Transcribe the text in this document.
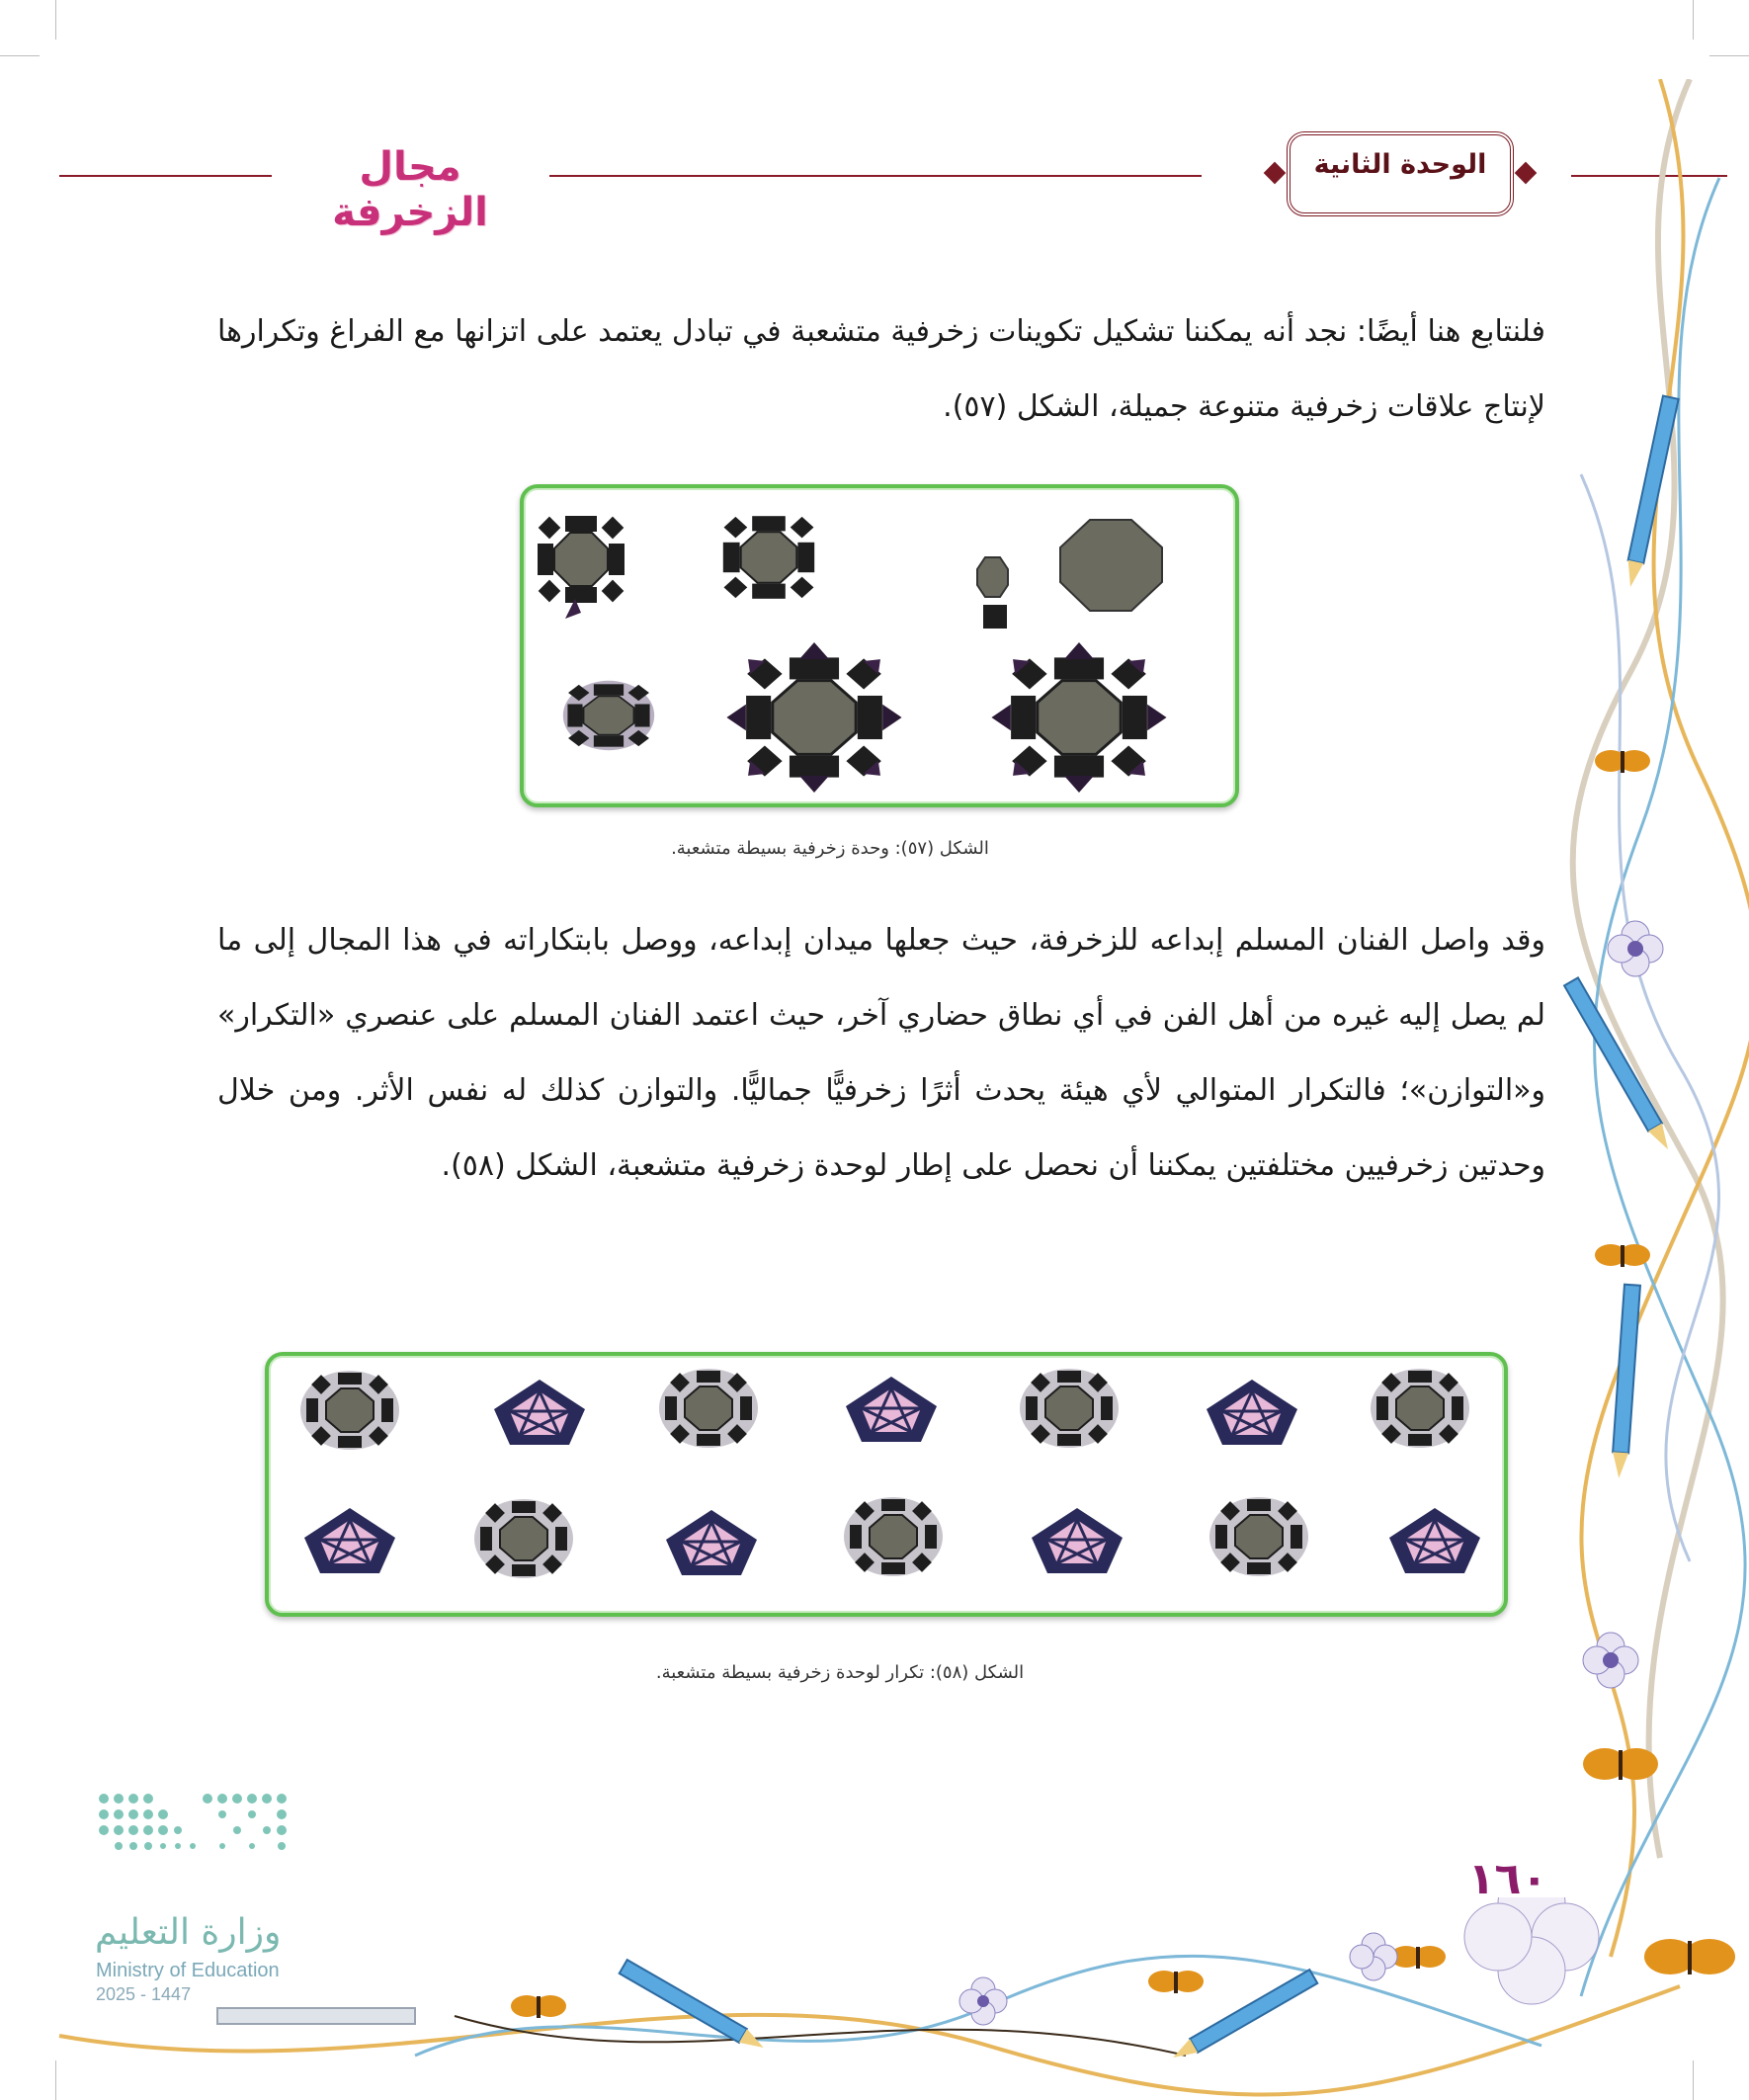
مجال الزخرفة
الوحدة الثانية

فلنتابع هنا أيضًا: نجد أنه يمكننا تشكيل تكوينات زخرفية متشعبة في تبادل يعتمد على اتزانها مع الفراغ وتكرارها لإنتاج علاقات زخرفية متنوعة جميلة، الشكل (٥٧).

الشكل (٥٧): وحدة زخرفية بسيطة متشعبة.

وقد واصل الفنان المسلم إبداعه للزخرفة، حيث جعلها ميدان إبداعه، ووصل بابتكاراته في هذا المجال إلى ما لم يصل إليه غيره من أهل الفن في أي نطاق حضاري آخر، حيث اعتمد الفنان المسلم على عنصري «التكرار» و«التوازن»؛ فالتكرار المتوالي لأي هيئة يحدث أثرًا زخرفيًّا جماليًّا. والتوازن كذلك له نفس الأثر. ومن خلال وحدتين زخرفيين مختلفتين يمكننا أن نحصل على إطار لوحدة زخرفية متشعبة، الشكل (٥٨).

الشكل (٥٨): تكرار لوحدة زخرفية بسيطة متشعبة.
١٦٠
وزارة التعليم
Ministry of Education
2025 - 1447
